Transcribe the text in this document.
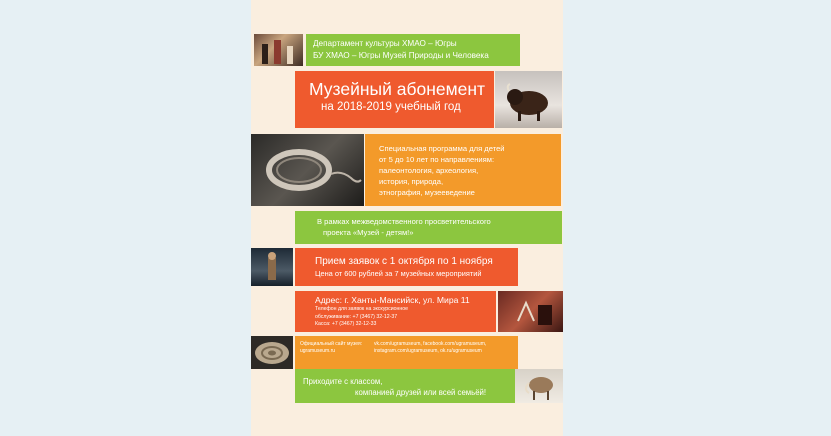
Департамент культуры ХМАО – Югры
БУ ХМАО – Югры Музей Природы и Человека
Музейный абонемент
на 2018-2019 учебный год
Специальная программа для детей
от 5 до 10 лет по направлениям:
палеонтология, археология,
история, природа,
этнография, музееведение
В рамках межведомственного просветительского
проекта «Музей - детям!»
Прием заявок с 1 октября по 1 ноября
Цена от 600 рублей за 7 музейных мероприятий
Адрес: г. Ханты-Мансийск, ул. Мира 11
Телефон для заявок на экскурсионное
обслуживание: +7 (3467) 32-12-37
Касса: +7 (3467) 32-12-33
Официальный сайт музея:
ugramuseum.ru
vk.com/ugramuseum, facebook.com/ugramuseum,
instagram.com/ugramuseum, ok.ru/ugramuseum
Приходите с классом,
компанией друзей или всей семьёй!
